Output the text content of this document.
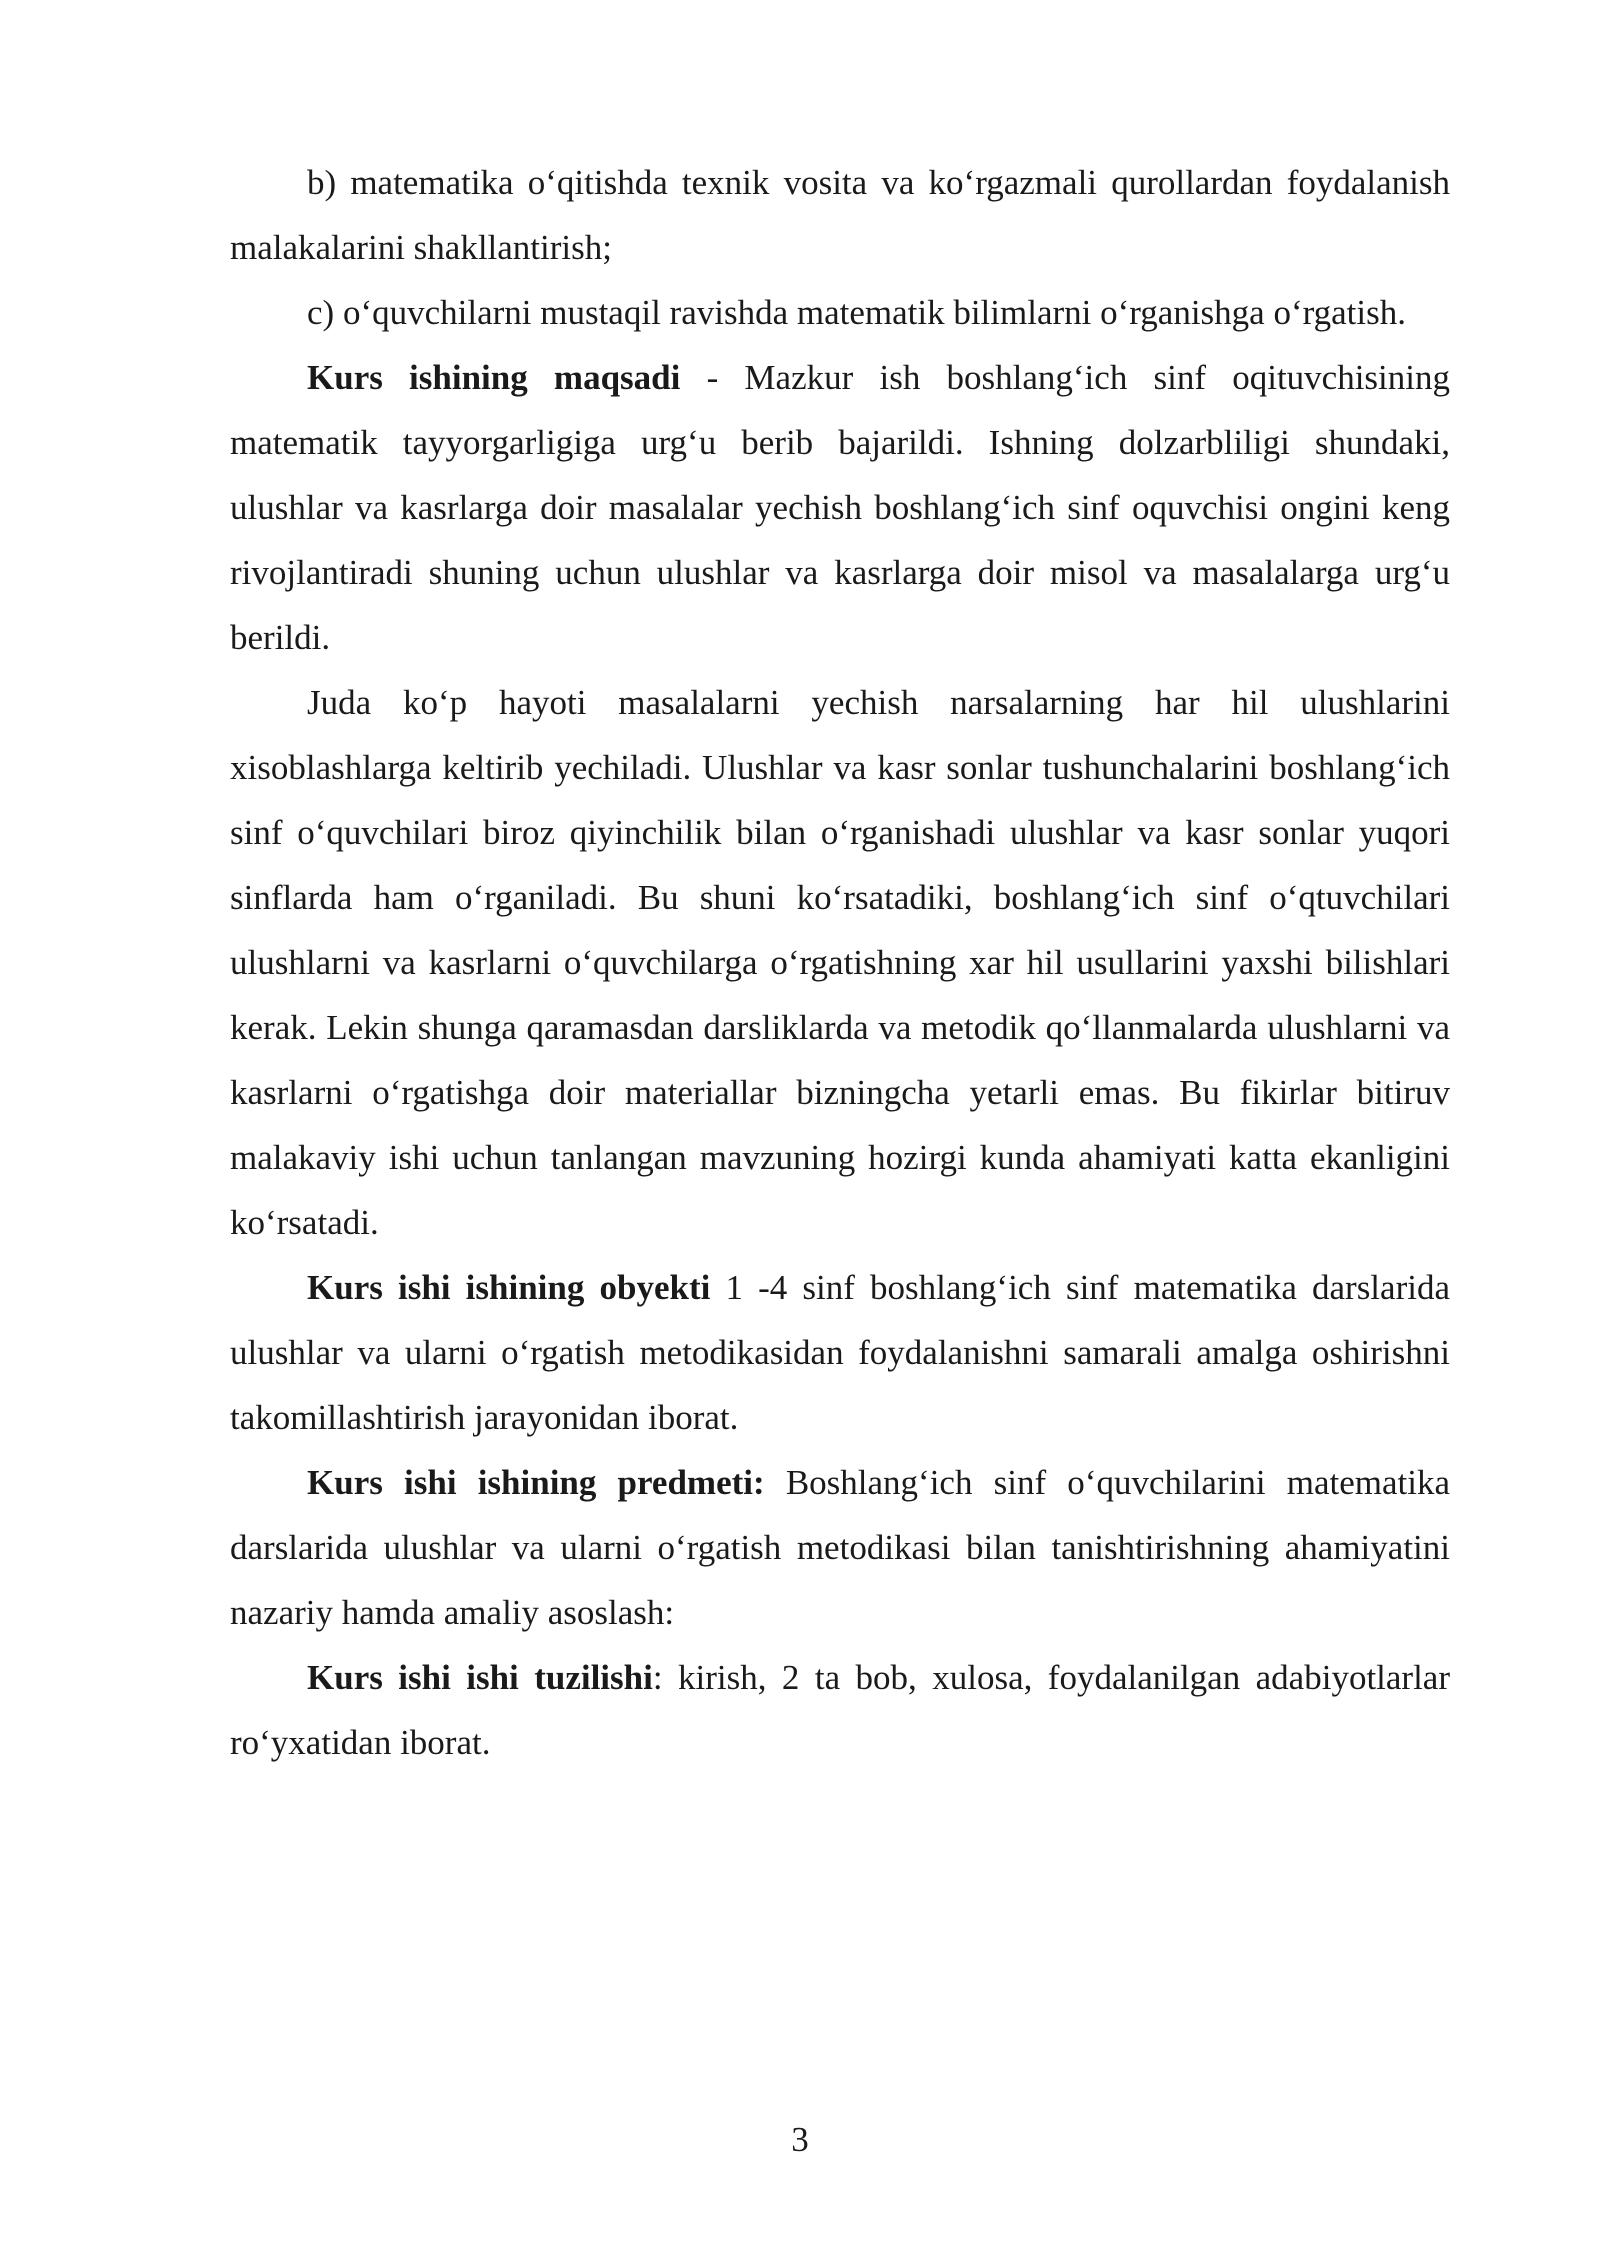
b) matematika o‘qitishda texnik vosita va ko‘rgazmali qurollardan foydalanish malakalarini shakllantirish;

c) o‘quvchilarni mustaqil ravishda matematik bilimlarni o‘rganishga o‘rgatish.

Kurs ishining maqsadi - Mazkur ish boshlang‘ich sinf oqituvchisining matematik tayyorgarligiga urg‘u berib bajarildi. Ishning dolzarbliligi shundaki, ulushlar va kasrlarga doir masalalar yechish boshlang‘ich sinf oquvchisi ongini keng rivojlantiradi shuning uchun ulushlar va kasrlarga doir misol va masalalarga urg‘u berildi.

Juda ko‘p hayoti masalalarni yechish narsalarning har hil ulushlarini xisoblashlarga keltirib yechiladi. Ulushlar va kasr sonlar tushunchalarini boshlang‘ich sinf o‘quvchilari biroz qiyinchilik bilan o‘rganishadi ulushlar va kasr sonlar yuqori sinflarda ham o‘rganiladi. Bu shuni ko‘rsatadiki, boshlang‘ich sinf o‘qtuvchilari ulushlarni va kasrlarni o‘quvchilarga o‘rgatishning xar hil usullarini yaxshi bilishlari kerak. Lekin shunga qaramasdan darsliklarda va metodik qo‘llanmalarda ulushlarni va kasrlarni o‘rgatishga doir materiallar bizningcha yetarli emas. Bu fikirlar bitiruv malakaviy ishi uchun tanlangan mavzuning hozirgi kunda ahamiyati katta ekanligini ko‘rsatadi.

Kurs ishi ishining obyekti 1 -4 sinf boshlang‘ich sinf matematika darslarida ulushlar va ularni o‘rgatish metodikasidan foydalanishni samarali amalga oshirishni takomillashtirish jarayonidan iborat.

Kurs ishi ishining predmeti: Boshlang‘ich sinf o‘quvchilarini matematika darslarida ulushlar va ularni o‘rgatish metodikasi bilan tanishtirishning ahamiyatini nazariy hamda amaliy asoslash:

Kurs ishi ishi tuzilishi: kirish, 2 ta bob, xulosa, foydalanilgan adabiyotlarlar ro‘yxatidan iborat.

3
